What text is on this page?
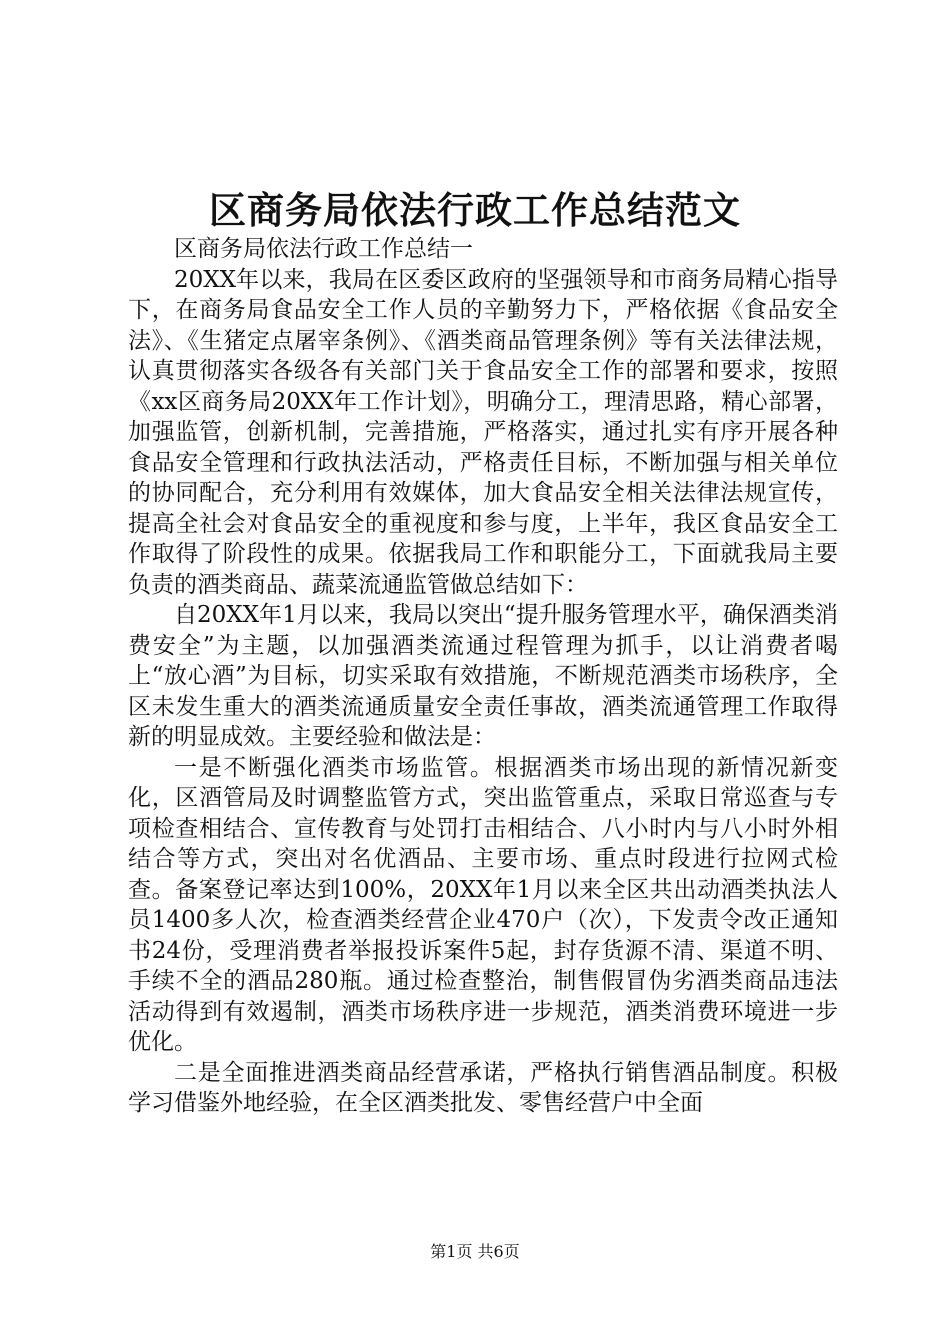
区商务局依法行政工作总结范文

区商务局依法行政工作总结一

20XX年以来，我局在区委区政府的坚强领导和市商务局精心指导下，在商务局食品安全工作人员的辛勤努力下，严格依据《食品安全法》、《生猪定点屠宰条例》、《酒类商品管理条例》等有关法律法规，认真贯彻落实各级各有关部门关于食品安全工作的部署和要求，按照《xx区商务局20XX年工作计划》，明确分工，理清思路，精心部署，加强监管，创新机制，完善措施，严格落实，通过扎实有序开展各种食品安全管理和行政执法活动，严格责任目标，不断加强与相关单位的协同配合，充分利用有效媒体，加大食品安全相关法律法规宣传，提高全社会对食品安全的重视度和参与度，上半年，我区食品安全工作取得了阶段性的成果。依据我局工作和职能分工，下面就我局主要负责的酒类商品、蔬菜流通监管做总结如下：

自20XX年1月以来，我局以突出“提升服务管理水平，确保酒类消费安全”为主题，以加强酒类流通过程管理为抓手，以让消费者喝上“放心酒”为目标，切实采取有效措施，不断规范酒类市场秩序，全区未发生重大的酒类流通质量安全责任事故，酒类流通管理工作取得新的明显成效。主要经验和做法是：

一是不断强化酒类市场监管。根据酒类市场出现的新情况新变化，区酒管局及时调整监管方式，突出监管重点，采取日常巡查与专项检查相结合、宣传教育与处罚打击相结合、八小时内与八小时外相结合等方式，突出对名优酒品、主要市场、重点时段进行拉网式检查。备案登记率达到100%，20XX年1月以来全区共出动酒类执法人员1400多人次，检查酒类经营企业470户（次），下发责令改正通知书24份，受理消费者举报投诉案件5起，封存货源不清、渠道不明、手续不全的酒品280瓶。通过检查整治，制售假冒伪劣酒类商品违法活动得到有效遏制，酒类市场秩序进一步规范，酒类消费环境进一步优化。

二是全面推进酒类商品经营承诺，严格执行销售酒品制度。积极学习借鉴外地经验，在全区酒类批发、零售经营户中全面

第1页 共6页
